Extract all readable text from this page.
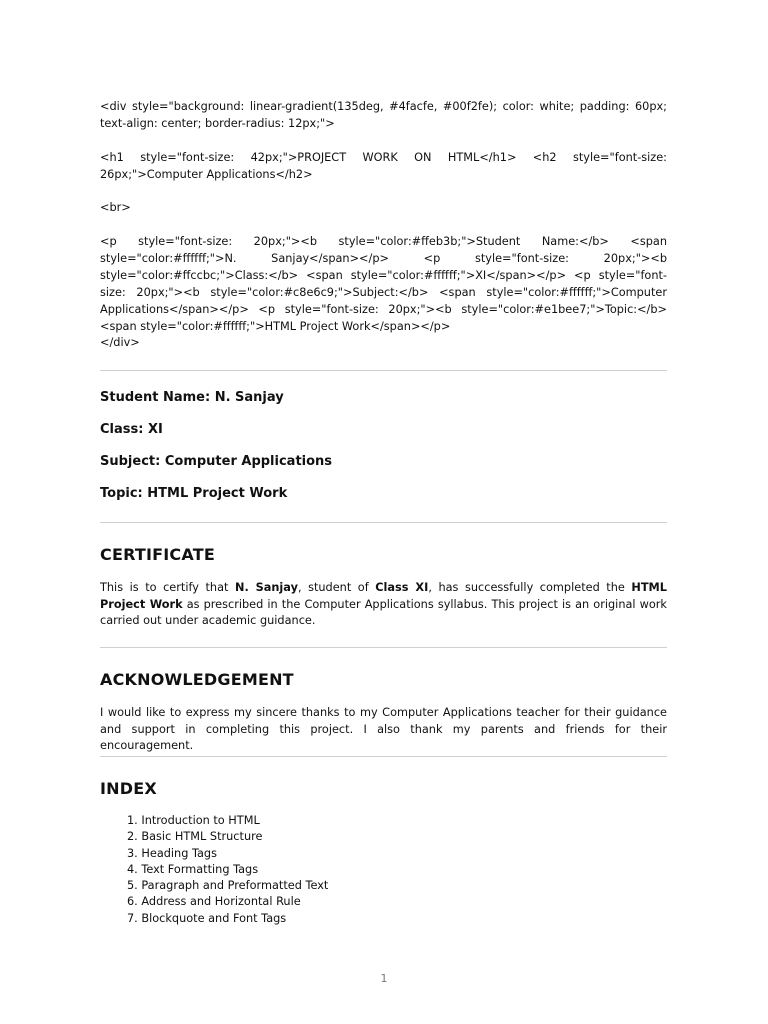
<div style="background: linear-gradient(135deg, #4facfe, #00f2fe); color: white; padding: 60px; text-align: center; border-radius: 12px;">

<h1 style="font-size: 42px;">PROJECT WORK ON HTML</h1> <h2 style="font-size: 26px;">Computer Applications</h2>

<br>

<p style="font-size: 20px;"><b style="color:#ffeb3b;">Student Name:</b> <span style="color:#ffffff;">N. Sanjay</span></p> <p style="font-size: 20px;"><b style="color:#ffccbc;">Class:</b> <span style="color:#ffffff;">XI</span></p> <p style="font-size: 20px;"><b style="color:#c8e6c9;">Subject:</b> <span style="color:#ffffff;">Computer Applications</span></p> <p style="font-size: 20px;"><b style="color:#e1bee7;">Topic:</b> <span style="color:#ffffff;">HTML Project Work</span></p>

</div>

Student Name: N. Sanjay

Class: XI

Subject: Computer Applications

Topic: HTML Project Work

CERTIFICATE

This is to certify that N. Sanjay, student of Class XI, has successfully completed the HTML Project Work as prescribed in the Computer Applications syllabus. This project is an original work carried out under academic guidance.

ACKNOWLEDGEMENT

I would like to express my sincere thanks to my Computer Applications teacher for their guidance and support in completing this project. I also thank my parents and friends for their encouragement.

INDEX
1. Introduction to HTML
2. Basic HTML Structure
3. Heading Tags
4. Text Formatting Tags
5. Paragraph and Preformatted Text
6. Address and Horizontal Rule
7. Blockquote and Font Tags
1
